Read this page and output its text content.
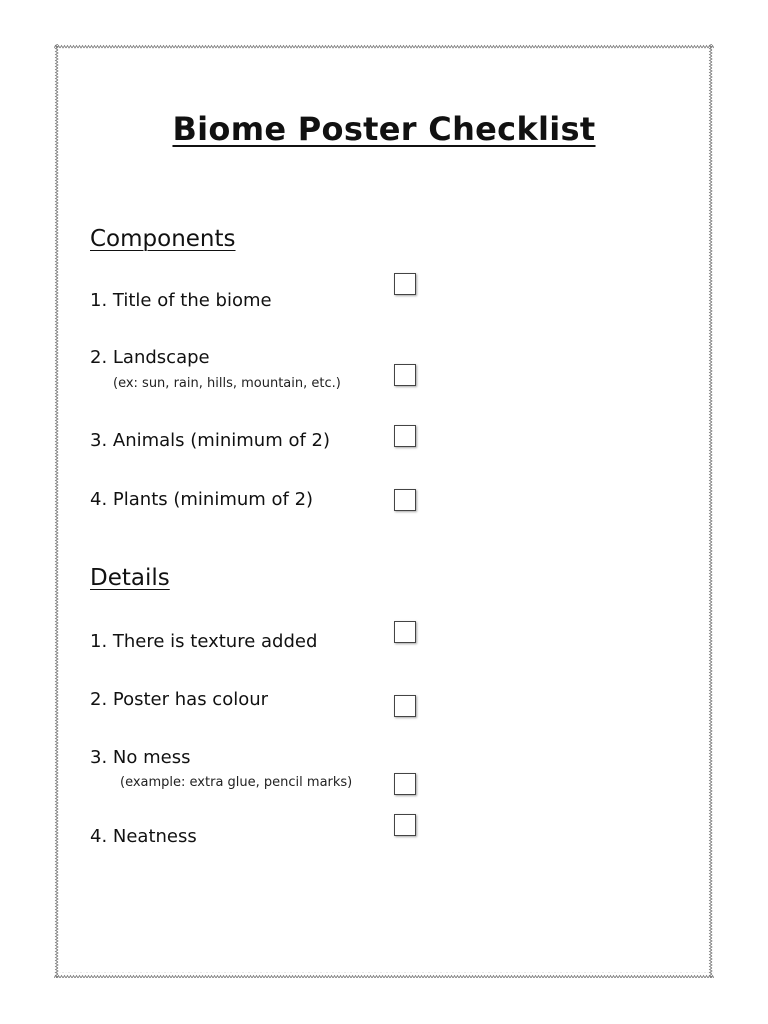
Biome Poster Checklist
Components
1. Title of the biome
2. Landscape
(ex: sun, rain, hills, mountain, etc.)
3. Animals (minimum of 2)
4. Plants (minimum of 2)
Details
1. There is texture added
2. Poster has colour
3. No mess
(example: extra glue, pencil marks)
4. Neatness
